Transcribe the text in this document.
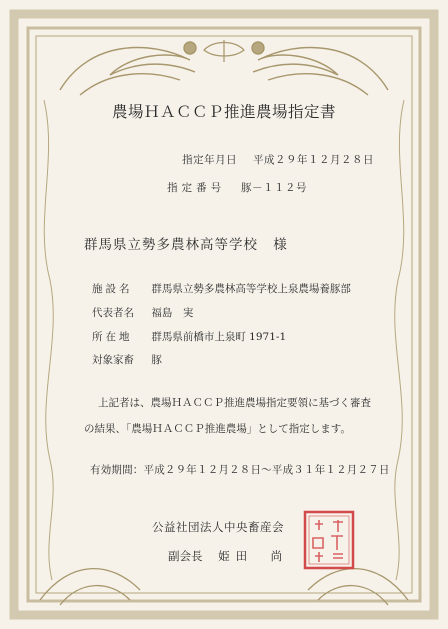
農場ＨＡＣＣＰ推進農場指定書
指定年月日 平成２９年１２月２８日
指定番号 豚－１１２号
群馬県立勢多農林高等学校 様
施設名 群馬県立勢多農林高等学校上泉農場養豚部
代表者名 福島　実
所在地 群馬県前橋市上泉町 1971-1
対象家畜 豚
上記者は、農場ＨＡＣＣＰ推進農場指定要領に基づく審査
の結果、「農場ＨＡＣＣＰ推進農場」として指定します。
有効期間：平成２９年１２月２８日～平成３１年１２月２７日
公益社団法人中央畜産会
副会長 姫田　尚
